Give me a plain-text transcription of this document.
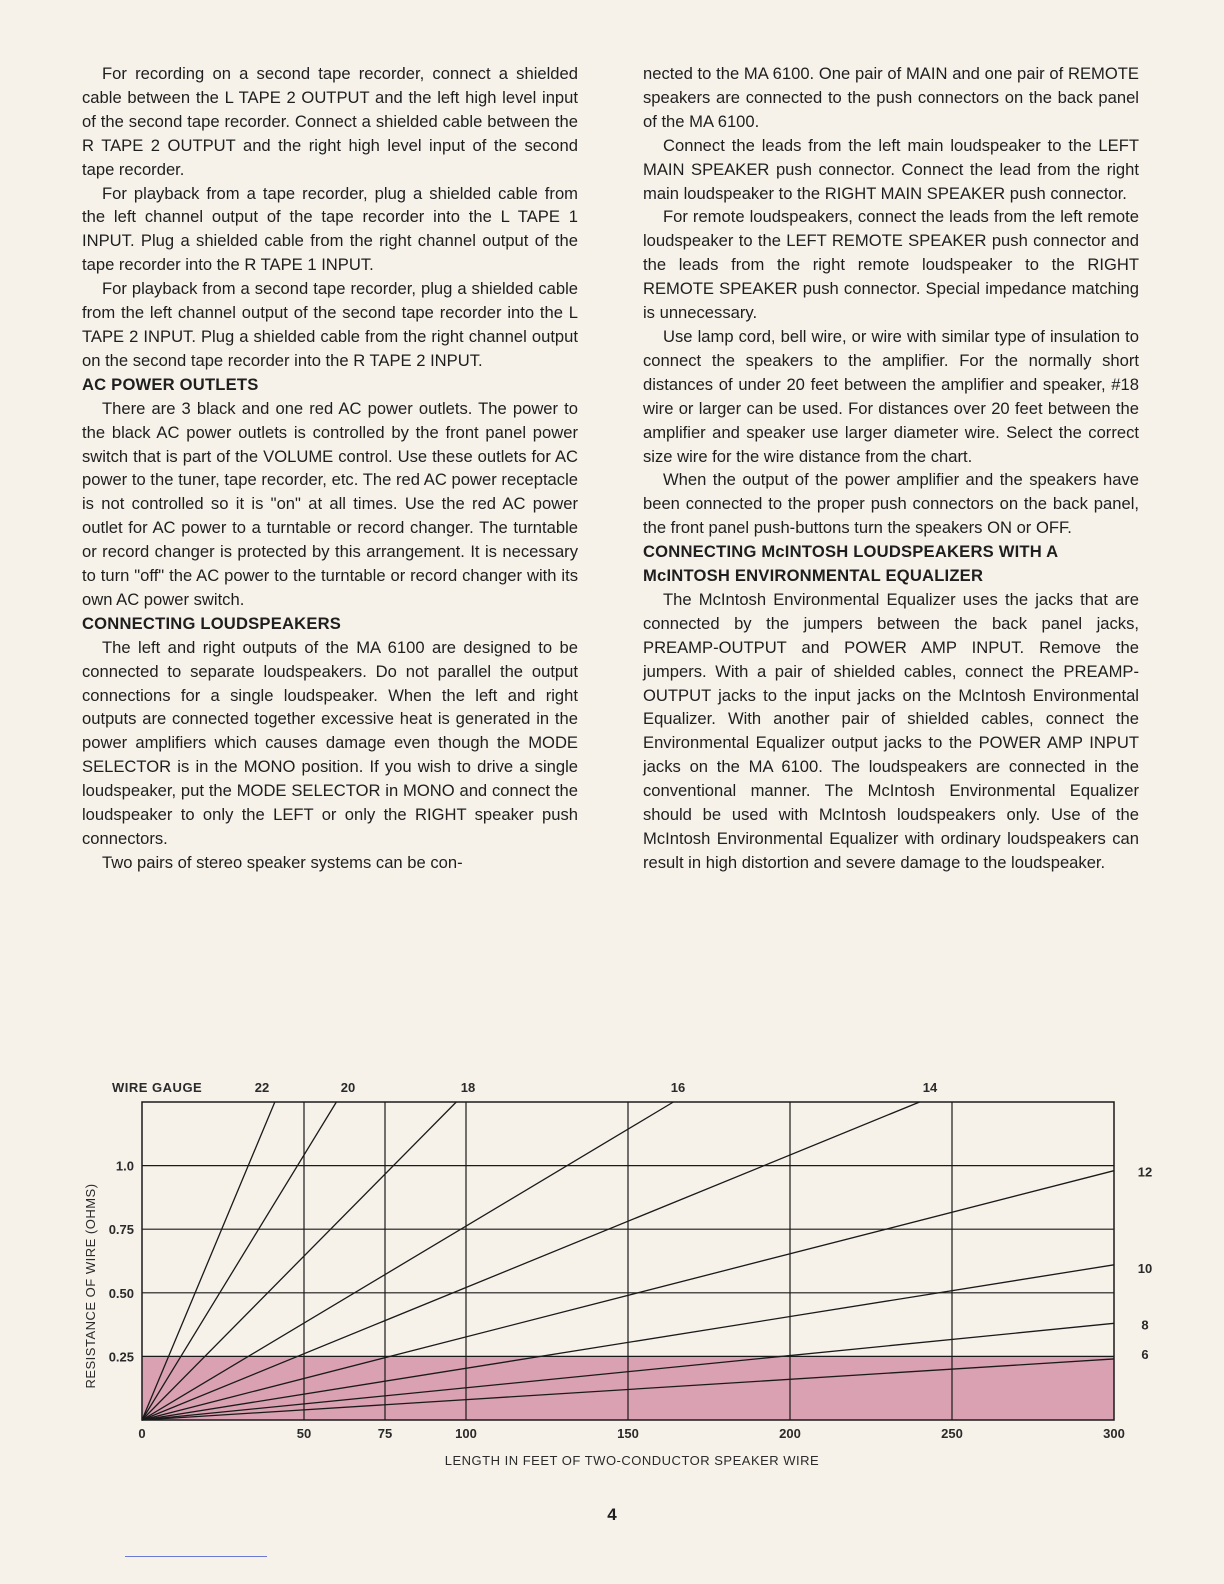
For recording on a second tape recorder, connect a shielded cable between the L TAPE 2 OUTPUT and the left high level input of the second tape recorder. Connect a shielded cable between the R TAPE 2 OUTPUT and the right high level input of the second tape recorder.

For playback from a tape recorder, plug a shielded cable from the left channel output of the tape recorder into the L TAPE 1 INPUT. Plug a shielded cable from the right channel output of the tape recorder into the R TAPE 1 INPUT.

For playback from a second tape recorder, plug a shielded cable from the left channel output of the second tape recorder into the L TAPE 2 INPUT. Plug a shielded cable from the right channel output on the second tape recorder into the R TAPE 2 INPUT.

AC POWER OUTLETS

There are 3 black and one red AC power outlets. The power to the black AC power outlets is controlled by the front panel power switch that is part of the VOLUME control. Use these outlets for AC power to the tuner, tape recorder, etc. The red AC power receptacle is not controlled so it is "on" at all times. Use the red AC power outlet for AC power to a turntable or record changer. The turntable or record changer is protected by this arrangement. It is necessary to turn "off" the AC power to the turntable or record changer with its own AC power switch.

CONNECTING LOUDSPEAKERS

The left and right outputs of the MA 6100 are designed to be connected to separate loudspeakers. Do not parallel the output connections for a single loudspeaker. When the left and right outputs are connected together excessive heat is generated in the power amplifiers which causes damage even though the MODE SELECTOR is in the MONO position. If you wish to drive a single loudspeaker, put the MODE SELECTOR in MONO and connect the loudspeaker to only the LEFT or only the RIGHT speaker push connectors.

Two pairs of stereo speaker systems can be con-

nected to the MA 6100. One pair of MAIN and one pair of REMOTE speakers are connected to the push connectors on the back panel of the MA 6100.

Connect the leads from the left main loudspeaker to the LEFT MAIN SPEAKER push connector. Connect the lead from the right main loudspeaker to the RIGHT MAIN SPEAKER push connector.

For remote loudspeakers, connect the leads from the left remote loudspeaker to the LEFT REMOTE SPEAKER push connector and the leads from the right remote loudspeaker to the RIGHT REMOTE SPEAKER push connector. Special impedance matching is unnecessary.

Use lamp cord, bell wire, or wire with similar type of insulation to connect the speakers to the amplifier. For the normally short distances of under 20 feet between the amplifier and speaker, #18 wire or larger can be used. For distances over 20 feet between the amplifier and speaker use larger diameter wire. Select the correct size wire for the wire distance from the chart.

When the output of the power amplifier and the speakers have been connected to the proper push connectors on the back panel, the front panel push-buttons turn the speakers ON or OFF.

CONNECTING McINTOSH LOUDSPEAKERS WITH A McINTOSH ENVIRONMENTAL EQUALIZER

The McIntosh Environmental Equalizer uses the jacks that are connected by the jumpers between the back panel jacks, PREAMP-OUTPUT and POWER AMP INPUT. Remove the jumpers. With a pair of shielded cables, connect the PREAMP-OUTPUT jacks to the input jacks on the McIntosh Environmental Equalizer. With another pair of shielded cables, connect the Environmental Equalizer output jacks to the POWER AMP INPUT jacks on the MA 6100. The loudspeakers are connected in the conventional manner. The McIntosh Environmental Equalizer should be used with McIntosh loudspeakers only. Use of the McIntosh Environmental Equalizer with ordinary loudspeakers can result in high distortion and severe damage to the loudspeaker.

0	50	75	100	150	200	250	300
0.25
0.50
0.75
1.0
LENGTH IN FEET OF TWO-CONDUCTOR SPEAKER WIRE
RESISTANCE OF WIRE (OHMS)
WIRE GAUGE	22	20	18	16	14
12
10
8
6
4
